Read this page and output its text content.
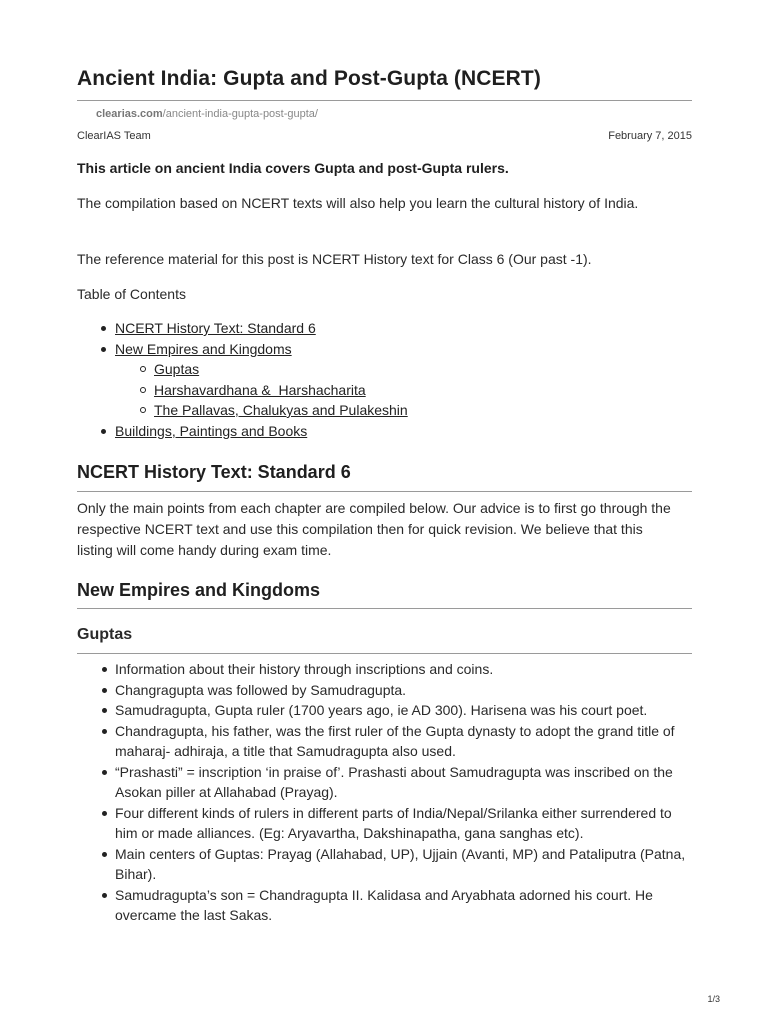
Ancient India: Gupta and Post-Gupta (NCERT)
clearias.com/ancient-india-gupta-post-gupta/
ClearIAS Team	February 7, 2015
This article on ancient India covers Gupta and post-Gupta rulers.
The compilation based on NCERT texts will also help you learn the cultural history of India.
The reference material for this post is NCERT History text for Class 6 (Our past -1).
Table of Contents
NCERT History Text: Standard 6
New Empires and Kingdoms
Guptas
Harshavardhana &  Harshacharita
The Pallavas, Chalukyas and Pulakeshin
Buildings, Paintings and Books
NCERT History Text: Standard 6
Only the main points from each chapter are compiled below. Our advice is to first go through the respective NCERT text and use this compilation then for quick revision. We believe that this listing will come handy during exam time.
New Empires and Kingdoms
Guptas
Information about their history through inscriptions and coins.
Changragupta was followed by Samudragupta.
Samudragupta, Gupta ruler (1700 years ago, ie AD 300). Harisena was his court poet.
Chandragupta, his father, was the first ruler of the Gupta dynasty to adopt the grand title of maharaj- adhiraja, a title that Samudragupta also used.
“Prashasti” = inscription ‘in praise of’. Prashasti about Samudragupta was inscribed on the Asokan piller at Allahabad (Prayag).
Four different kinds of rulers in different parts of India/Nepal/Srilanka either surrendered to him or made alliances. (Eg: Aryavartha, Dakshinapatha, gana sanghas etc).
Main centers of Guptas: Prayag (Allahabad, UP), Ujjain (Avanti, MP) and Pataliputra (Patna, Bihar).
Samudragupta’s son = Chandragupta II. Kalidasa and Aryabhata adorned his court. He overcame the last Sakas.
1/3
